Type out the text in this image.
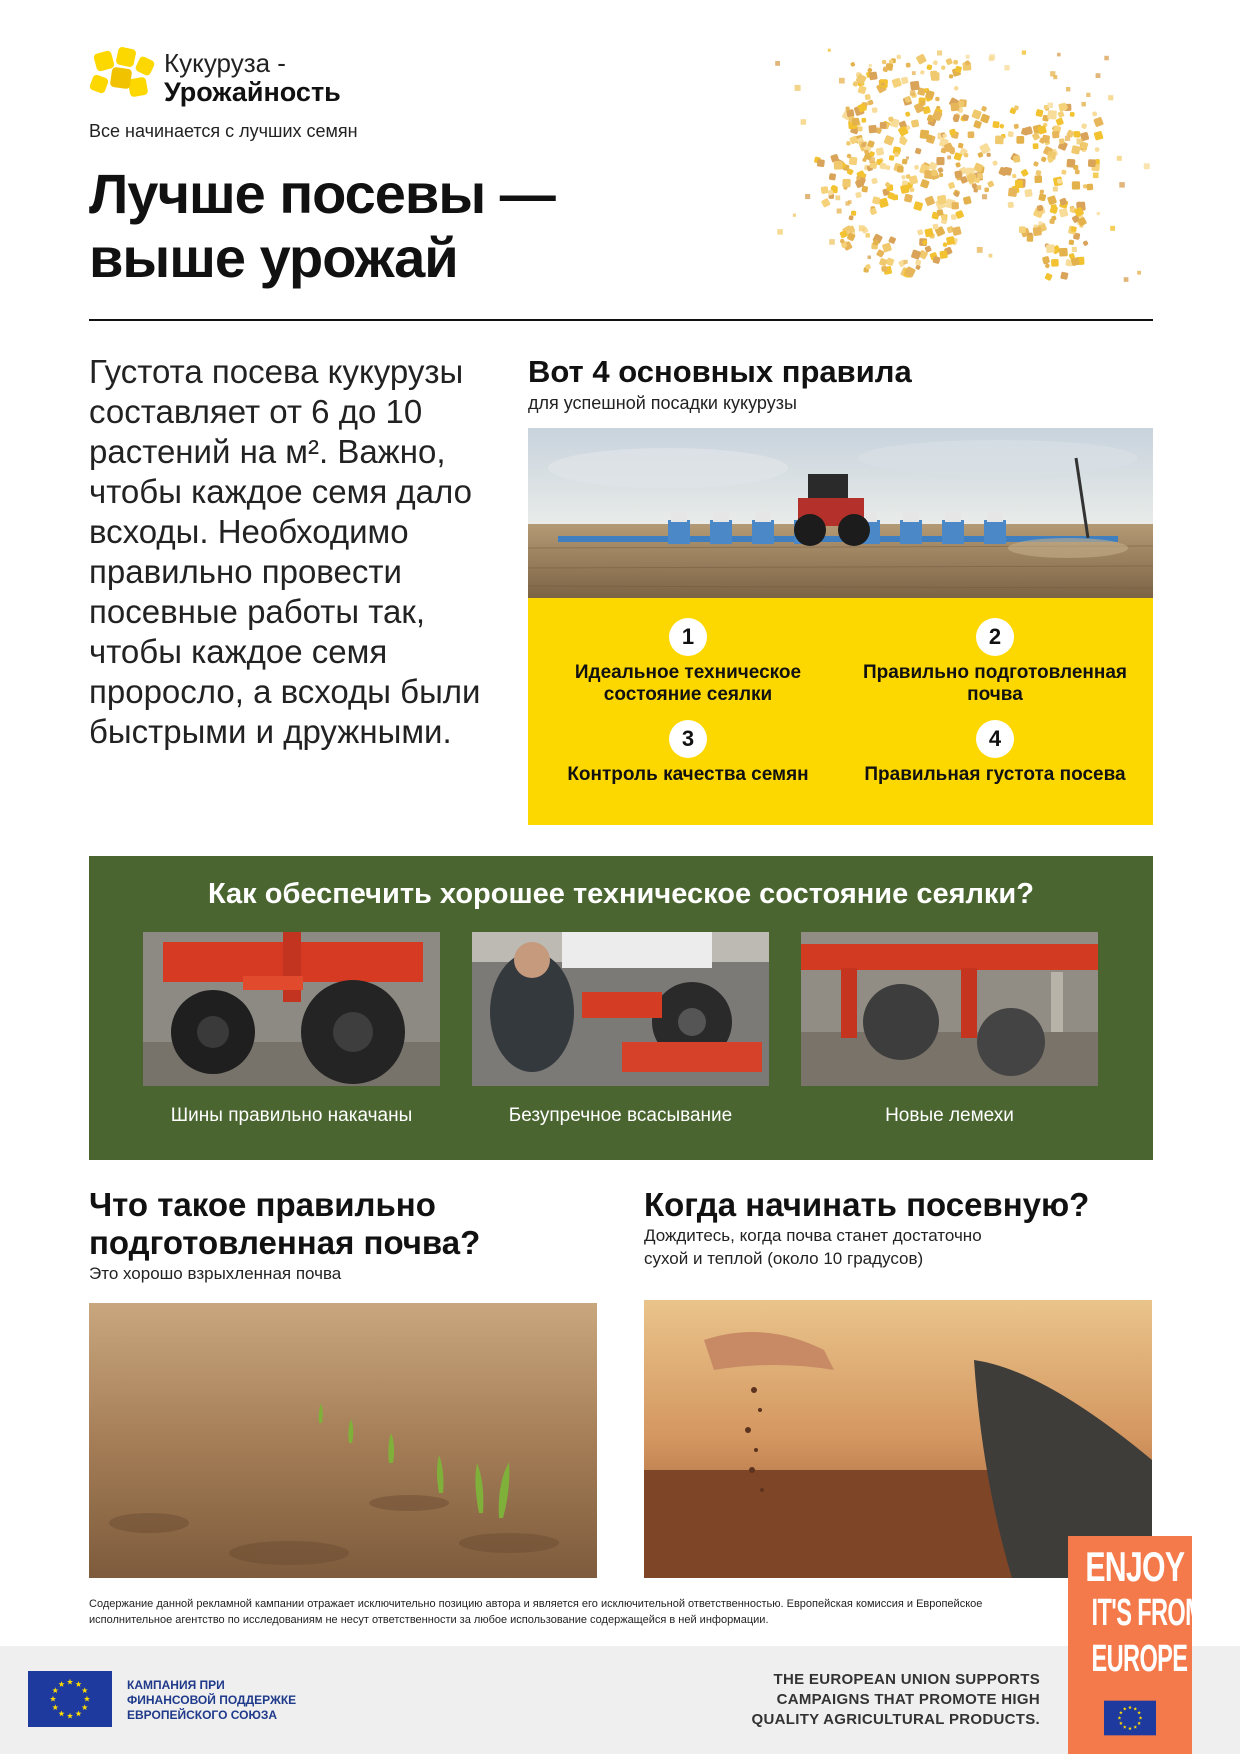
Кукуруза -
Урожайность
Все начинается с лучших семян
Лучше посевы —
выше урожай
Густота посева кукурузы составляет от 6 до 10 растений на м². Важно, чтобы каждое семя дало всходы. Необходимо правильно провести посевные работы так, чтобы каждое семя проросло, а всходы были быстрыми и дружными.
Вот 4 основных правила
для успешной посадки кукурузы
1
Идеальное техническое состояние сеялки
2
Правильно подготовленная почва
3
Контроль качества семян
4
Правильная густота посева
Как обеспечить хорошее техническое состояние сеялки?
Шины правильно накачаны	Безупречное всасывание	Новые лемехи
Что такое правильно
подготовленная почва?
Это хорошо взрыхленная почва
Когда начинать посевную?
Дождитесь, когда почва станет достаточно
сухой и теплой (около 10 градусов)
Содержание данной рекламной кампании отражает исключительно позицию автора и является его исключительной ответственностью. Европейская комиссия и Европейское исполнительное агентство по исследованиям не несут ответственности за любое использование содержащейся в ней информации.
КАМПАНИЯ ПРИ
ФИНАНСОВОЙ ПОДДЕРЖКЕ
ЕВРОПЕЙСКОГО СОЮЗА
THE EUROPEAN UNION SUPPORTS
CAMPAIGNS THAT PROMOTE HIGH
QUALITY AGRICULTURAL PRODUCTS.
ENJOY
IT'S FROM
EUROPE
